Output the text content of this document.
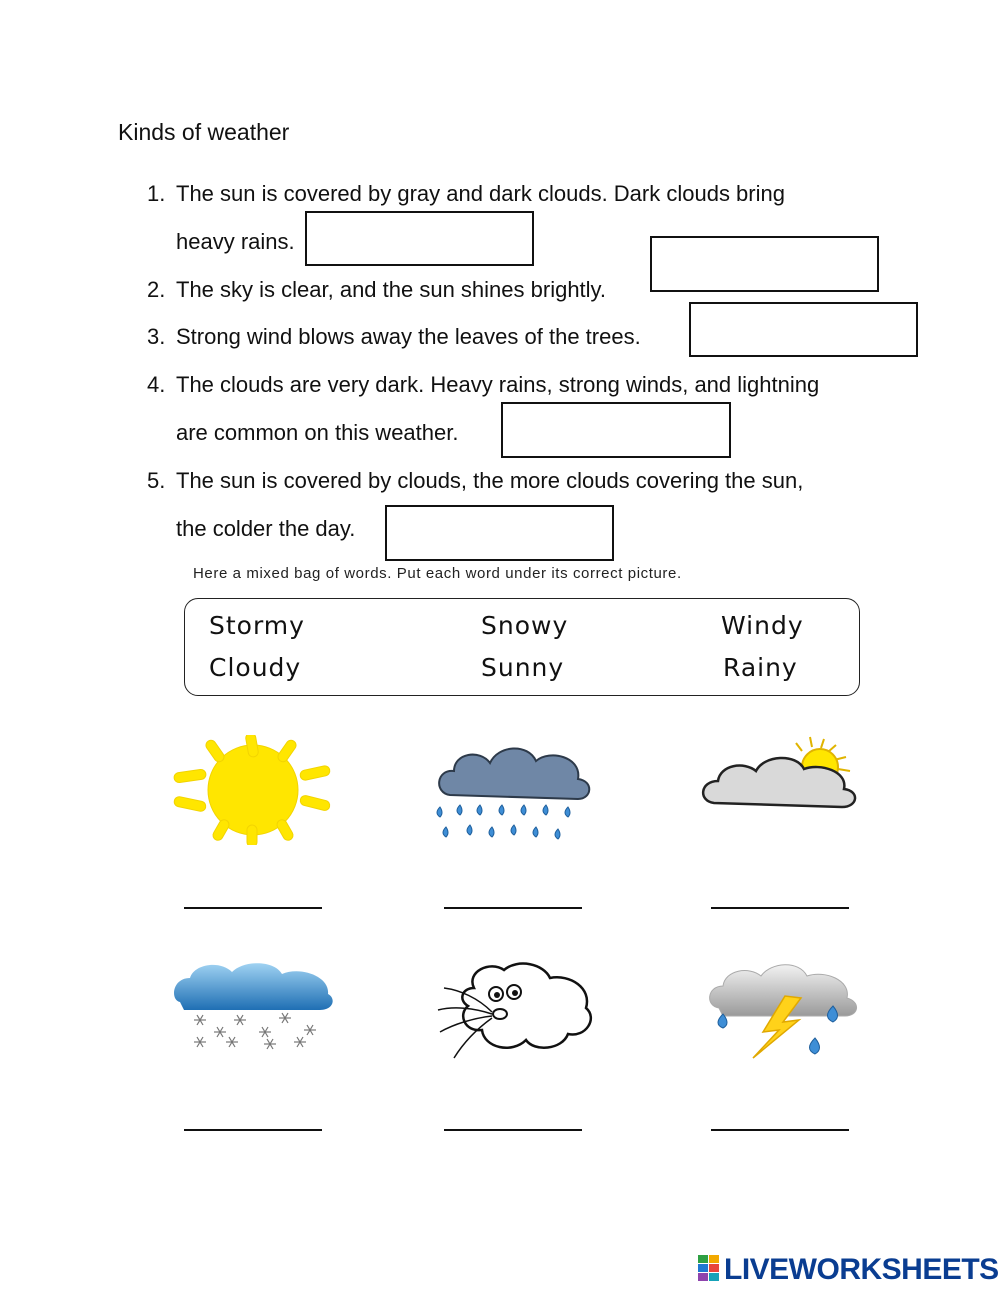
Kinds of weather
1. The sun is covered by gray and dark clouds. Dark clouds bring
heavy rains.
2. The sky is clear, and the sun shines brightly.
3. Strong wind blows away the leaves of the trees.
4. The clouds are very dark. Heavy rains, strong winds, and lightning
are common on this weather.
5. The sun is covered by clouds, the more clouds covering the sun,
the colder the day.
Here a mixed bag of words. Put each word under its correct picture.
Stormy	Snowy	Windy
Cloudy	Sunny	Rainy
LIVEWORKSHEETS
